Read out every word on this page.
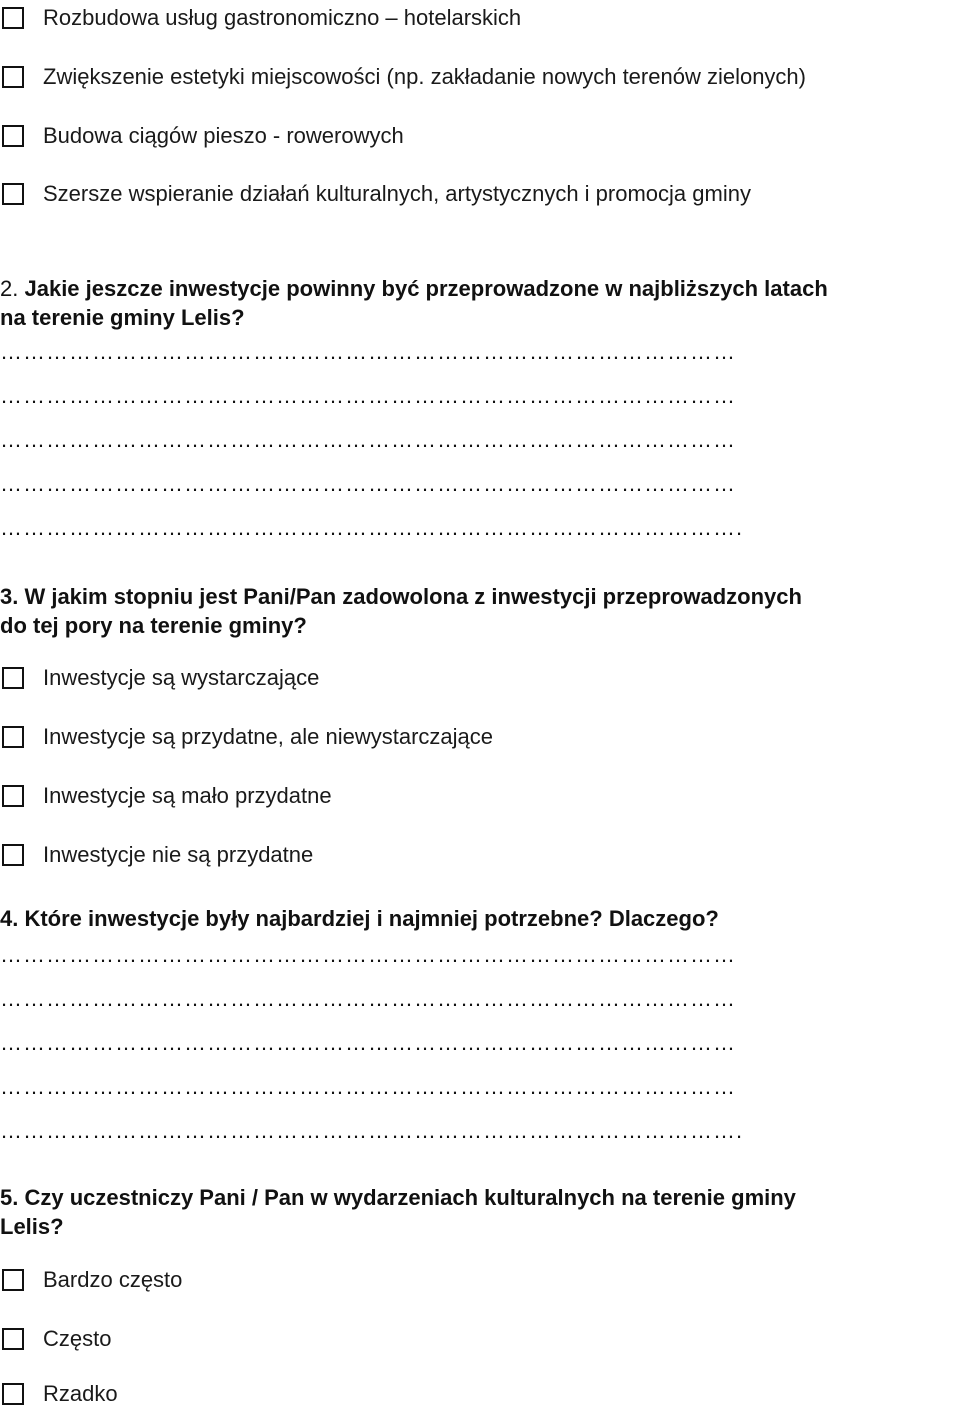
Rozbudowa usług gastronomiczno – hotelarskich
Zwiększenie estetyki miejscowości (np. zakładanie nowych terenów zielonych)
Budowa ciągów pieszo - rowerowych
Szersze wspieranie działań kulturalnych, artystycznych i promocja gminy
2. Jakie jeszcze inwestycje powinny być przeprowadzone w najbliższych latach
na terenie gminy Lelis?
……………………………………………………………………………………
……………………………………………………………………………………
……………………………………………………………………………………
……………………………………………………………………………………
…………………………………………………………………………………….
3. W jakim stopniu jest Pani/Pan zadowolona z inwestycji przeprowadzonych
do tej pory na terenie gminy?
Inwestycje są wystarczające
Inwestycje są przydatne, ale niewystarczające
Inwestycje są mało przydatne
Inwestycje nie są przydatne
4. Które inwestycje były najbardziej i najmniej potrzebne? Dlaczego?
……………………………………………………………………………………
……………………………………………………………………………………
……………………………………………………………………………………
……………………………………………………………………………………
…………………………………………………………………………………….
5. Czy uczestniczy Pani / Pan w wydarzeniach kulturalnych na terenie gminy
Lelis?
Bardzo często
Często
Rzadko
